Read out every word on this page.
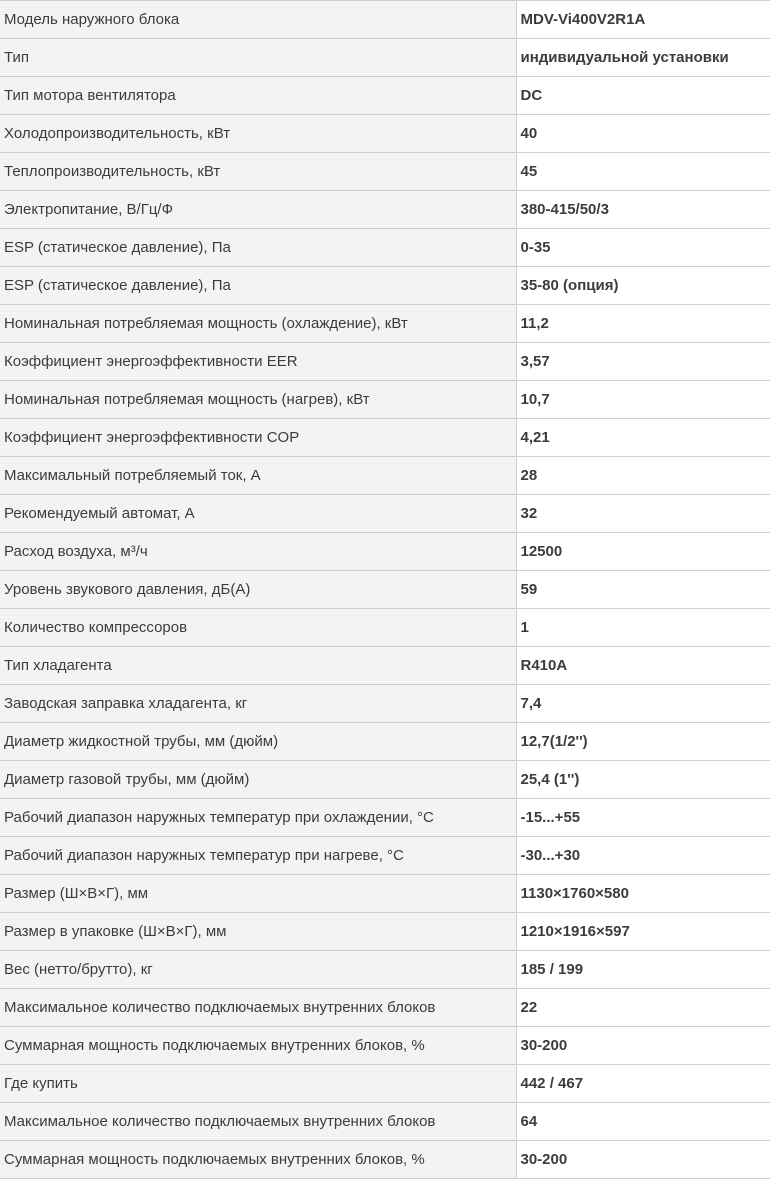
Модель наружного блока	MDV-Vi400V2R1A
Тип	индивидуальной установки
Тип мотора вентилятора	DC
Холодопроизводительность, кВт	40
Теплопроизводительность, кВт	45
Электропитание, В/Гц/Ф	380-415/50/3
ESP (статическое давление), Па	0-35
ESP (статическое давление), Па	35-80 (опция)
Номинальная потребляемая мощность (охлаждение), кВт	11,2
Коэффициент энергоэффективности EER	3,57
Номинальная потребляемая мощность (нагрев), кВт	10,7
Коэффициент энергоэффективности COP	4,21
Максимальный потребляемый ток, А	28
Рекомендуемый автомат, А	32
Расход воздуха, м³/ч	12500
Уровень звукового давления, дБ(А)	59
Количество компрессоров	1
Тип хладагента	R410A
Заводская заправка хладагента, кг	7,4
Диаметр жидкостной трубы, мм (дюйм)	12,7(1/2'')
Диаметр газовой трубы, мм (дюйм)	25,4 (1'')
Рабочий диапазон наружных температур при охлаждении, °С	-15...+55
Рабочий диапазон наружных температур при нагреве, °С	-30...+30
Размер (Ш×В×Г), мм	1130×1760×580
Размер в упаковке (Ш×В×Г), мм	1210×1916×597
Вес (нетто/брутто), кг	185 / 199
Максимальное количество подключаемых внутренних блоков	22
Суммарная мощность подключаемых внутренних блоков, %	30-200
Где купить	442 / 467
Максимальное количество подключаемых внутренних блоков	64
Суммарная мощность подключаемых внутренних блоков, %	30-200
